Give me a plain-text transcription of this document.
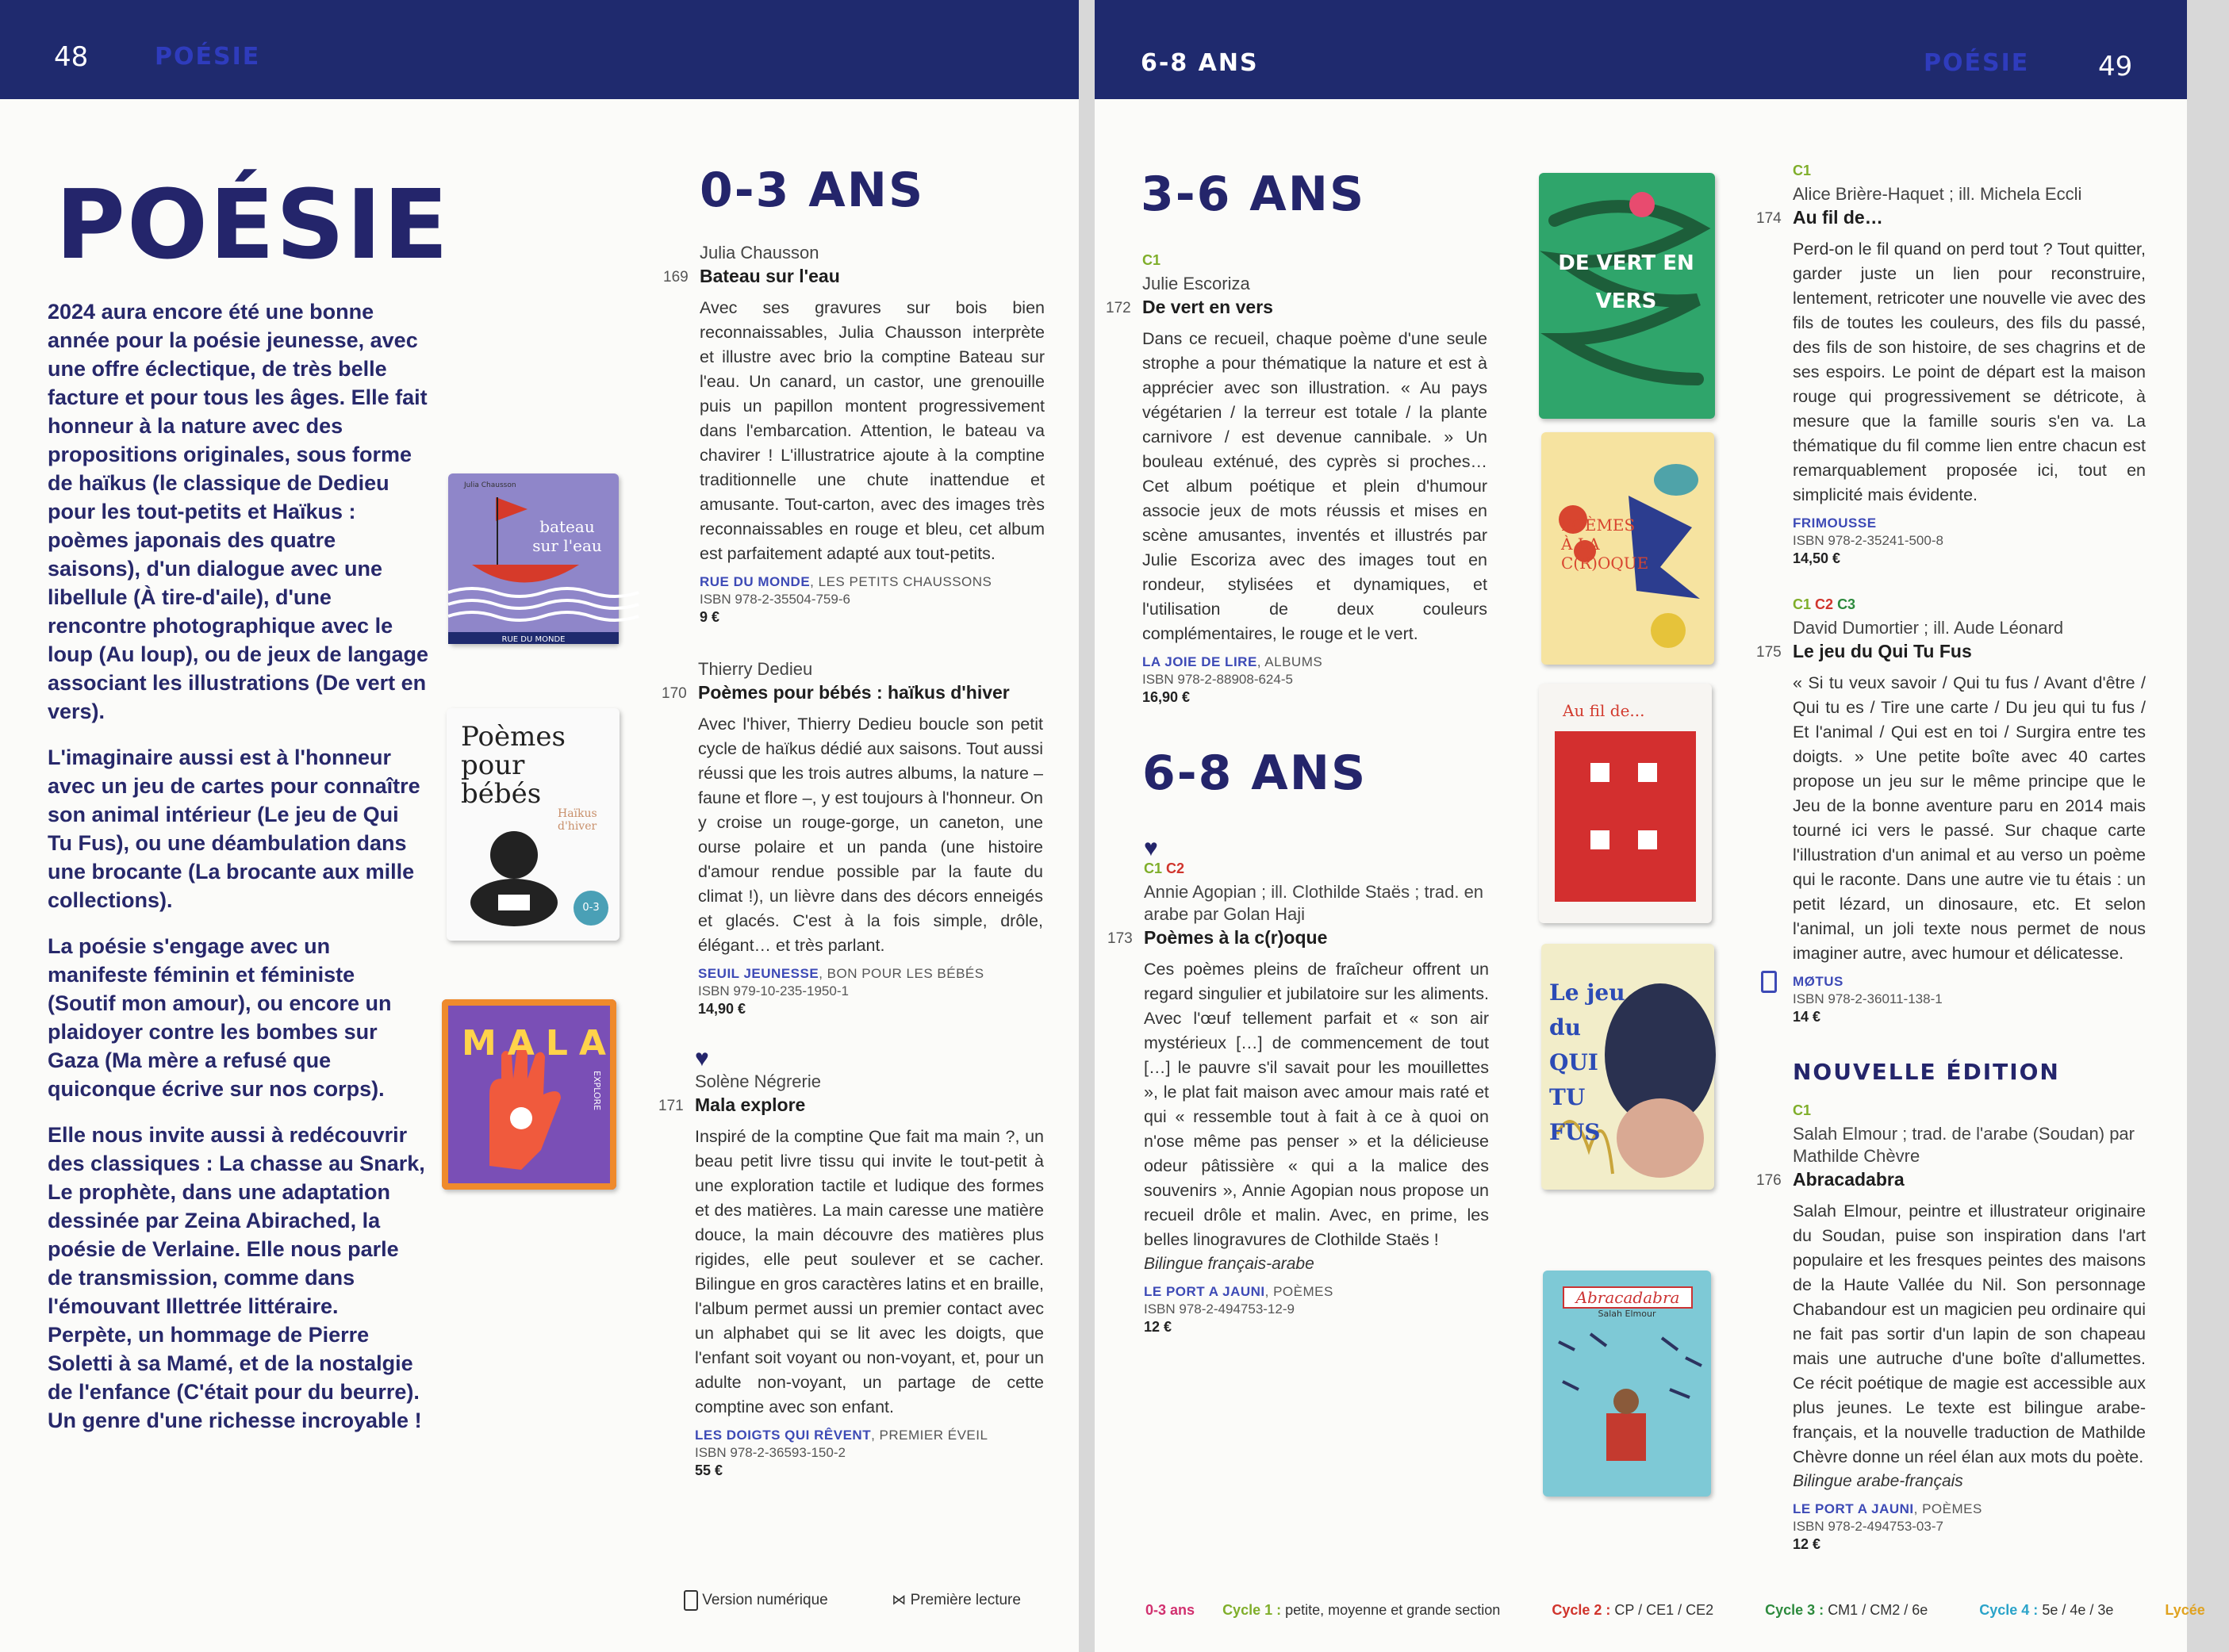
48	POÉSIE
POÉSIE

2024 aura encore été une bonne année pour la poésie jeunesse, avec une offre éclectique, de très belle facture et pour tous les âges. Elle fait honneur à la nature avec des propositions originales, sous forme de haïkus (le classique de Dedieu pour les tout-petits et Haïkus : poèmes japonais des quatre saisons), d'un dialogue avec une libellule (À tire-d'aile), d'une rencontre photographique avec le loup (Au loup), ou de jeux de langage associant les illustrations (De vert en vers).

L'imaginaire aussi est à l'honneur avec un jeu de cartes pour connaître son animal intérieur (Le jeu de Qui Tu Fus), ou une déambulation dans une brocante (La brocante aux mille collections).

La poésie s'engage avec un manifeste féminin et féministe (Soutif mon amour), ou encore un plaidoyer contre les bombes sur Gaza (Ma mère a refusé que quiconque écrive sur nos corps).

Elle nous invite aussi à redécouvrir des classiques : La chasse au Snark, Le prophète, dans une adaptation dessinée par Zeina Abirached, la poésie de Verlaine. Elle nous parle de transmission, comme dans l'émouvant Illettrée littéraire. Perpète, un hommage de Pierre Soletti à sa Mamé, et de la nostalgie de l'enfance (C'était pour du beurre). Un genre d'une richesse incroyable !

Julia Chausson
bateau sur l'eau
RUE DU MONDE
Poèmes pour bébés
Haïkus d'hiver
0-3
MALA
EXPLORE
0-3 ANS
Julia Chausson
169 Bateau sur l'eau
Avec ses gravures sur bois bien reconnaissables, Julia Chausson interprète et illustre avec brio la comptine Bateau sur l'eau. Un canard, un castor, une grenouille puis un papillon montent progressivement dans l'embarcation. Attention, le bateau va chavirer ! L'illustratrice ajoute à la comptine traditionnelle une chute inattendue et amusante. Tout-carton, avec des images très reconnaissables en rouge et bleu, cet album est parfaitement adapté aux tout-petits.
RUE DU MONDE, LES PETITS CHAUSSONS
ISBN 978-2-35504-759-6
9 €
Thierry Dedieu
170 Poèmes pour bébés : haïkus d'hiver
Avec l'hiver, Thierry Dedieu boucle son petit cycle de haïkus dédié aux saisons. Tout aussi réussi que les trois autres albums, la nature – faune et flore –, y est toujours à l'honneur. On y croise un rouge-gorge, un caneton, une ourse polaire et un panda (une histoire d'amour rendue possible par la faute du climat !), un lièvre dans des décors enneigés et glacés. C'est à la fois simple, drôle, élégant… et très parlant.
SEUIL JEUNESSE, BON POUR LES BÉBÉS
ISBN 979-10-235-1950-1
14,90 €
♥
Solène Négrerie
171 Mala explore
Inspiré de la comptine Que fait ma main ?, un beau petit livre tissu qui invite le tout-petit à une exploration tactile et ludique des formes et des matières. La main caresse une matière douce, la main découvre des matières plus rigides, elle peut soulever et se cacher. Bilingue en gros caractères latins et en braille, l'album permet aussi un premier contact avec un alphabet qui se lit avec les doigts, que l'enfant soit voyant ou non-voyant, et, pour un adulte non-voyant, un partage de cette comptine avec son enfant.
LES DOIGTS QUI RÊVENT, PREMIER ÉVEIL
ISBN 978-2-36593-150-2
55 €
Version numérique	⋈ Première lecture
6-8 ANS	POÉSIE	49
3-6 ANS
C1
Julie Escoriza
172 De vert en vers
Dans ce recueil, chaque poème d'une seule strophe a pour thématique la nature et est à apprécier avec son illustration. « Au pays végétarien / la terreur est totale / la plante carnivore / est devenue cannibale. » Un bouleau exténué, des cyprès si proches… Cet album poétique et plein d'humour associe jeux de mots réussis et mises en scène amusantes, inventés et illustrés par Julie Escoriza avec des images tout en rondeur, stylisées et dynamiques, et l'utilisation de deux couleurs complémentaires, le rouge et le vert.
LA JOIE DE LIRE, ALBUMS
ISBN 978-2-88908-624-5
16,90 €
6-8 ANS
♥
C1 C2
Annie Agopian ; ill. Clothilde Staës ; trad. en arabe par Golan Haji
173 Poèmes à la c(r)oque
Ces poèmes pleins de fraîcheur offrent un regard singulier et jubilatoire sur les aliments. Avec l'œuf tellement parfait et « son air mystérieux […] de commencement de tout […] le pauvre s'il savait pour les mouillettes », le plat fait maison avec amour mais raté et qui « ressemble tout à fait à ce à quoi on n'ose même pas penser » et la délicieuse odeur pâtissière « qui a la malice des souvenirs », Annie Agopian nous propose un recueil drôle et malin. Avec, en prime, les belles linogravures de Clothilde Staës !
Bilingue français-arabe
LE PORT A JAUNI, POÈMES
ISBN 978-2-494753-12-9
12 €
DE VERT EN VERS
POÈMES À LA C(R)OQUE
Au fil de...
Le jeu du QUI TU FUS
Abracadabra
Salah Elmour
C1
Alice Brière-Haquet ; ill. Michela Eccli
174 Au fil de…
Perd-on le fil quand on perd tout ? Tout quitter, garder juste un lien pour reconstruire, lentement, retricoter une nouvelle vie avec des fils de toutes les couleurs, des fils du passé, des fils de son histoire, de ses chagrins et de ses espoirs. Le point de départ est la maison rouge qui progressivement se détricote, à mesure que la famille souris s'en va. La thématique du fil comme lien entre chacun est remarquablement proposée ici, tout en simplicité mais évidente.
FRIMOUSSE
ISBN 978-2-35241-500-8
14,50 €
C1 C2 C3
David Dumortier ; ill. Aude Léonard
175 Le jeu du Qui Tu Fus
« Si tu veux savoir / Qui tu fus / Avant d'être / Qui tu es / Tire une carte / Du jeu qui tu fus / Et l'animal / Qui est en toi / Surgira entre tes doigts. » Une petite boîte avec 40 cartes propose un jeu sur le même principe que le Jeu de la bonne aventure paru en 2014 mais tourné ici vers le passé. Sur chaque carte l'illustration d'un animal et au verso un poème qui le raconte. Dans une autre vie tu étais : un petit lézard, un dinosaure, etc. Et selon l'animal, un joli texte nous permet de nous imaginer autre, avec humour et délicatesse.
MØTUS
ISBN 978-2-36011-138-1
14 €
NOUVELLE ÉDITION
C1
Salah Elmour ; trad. de l'arabe (Soudan) par Mathilde Chèvre
176 Abracadabra
Salah Elmour, peintre et illustrateur originaire du Soudan, puise son inspiration dans l'art populaire et les fresques peintes des maisons de la Haute Vallée du Nil. Son personnage Chabandour est un magicien peu ordinaire qui ne fait pas sortir d'un lapin de son chapeau mais une autruche d'une boîte d'allumettes. Ce récit poétique de magie est accessible aux plus jeunes. Le texte est bilingue arabe-français, et la nouvelle traduction de Mathilde Chèvre donne un réel élan aux mots du poète.
Bilingue arabe-français
LE PORT A JAUNI, POÈMES
ISBN 978-2-494753-03-7
12 €
0-3 ans Cycle 1 : petite, moyenne et grande section	Cycle 2 : CP / CE1 / CE2	Cycle 3 : CM1 / CM2 / 6e	Cycle 4 : 5e / 4e / 3e	Lycée
